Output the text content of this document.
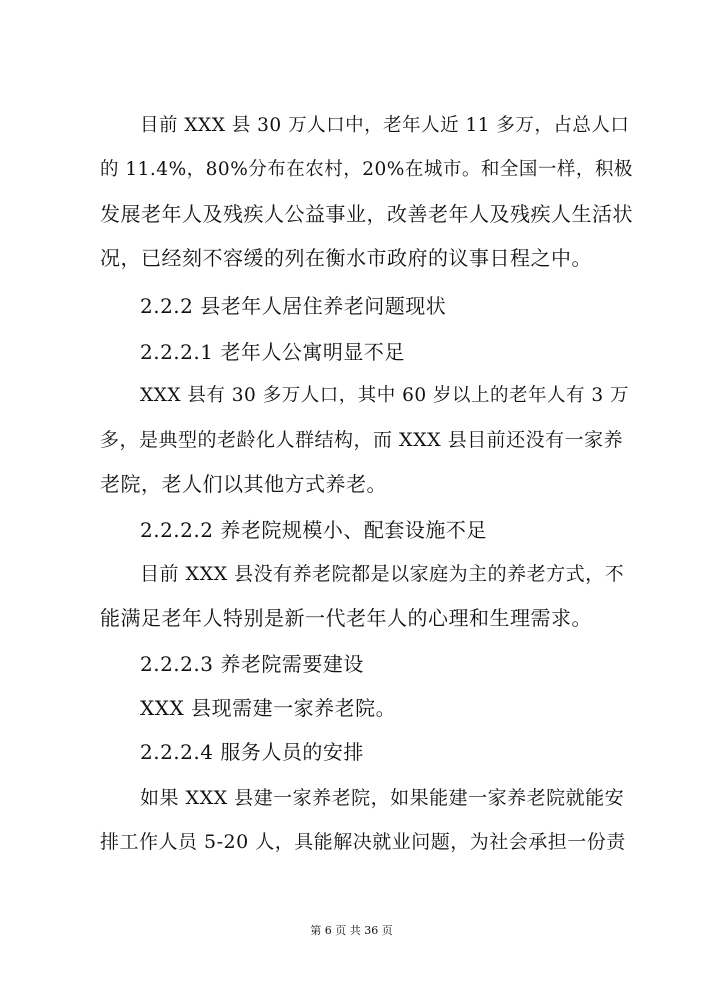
目前 XXX 县 30 万人口中，老年人近 11 多万，占总人口
的 11.4%，80%分布在农村，20%在城市。和全国一样，积极
发展老年人及残疾人公益事业，改善老年人及残疾人生活状
况，已经刻不容缓的列在衡水市政府的议事日程之中。
2.2.2 县老年人居住养老问题现状
2.2.2.1 老年人公寓明显不足
XXX 县有 30 多万人口，其中 60 岁以上的老年人有 3 万
多，是典型的老龄化人群结构，而 XXX 县目前还没有一家养
老院，老人们以其他方式养老。
2.2.2.2 养老院规模小、配套设施不足
目前 XXX 县没有养老院都是以家庭为主的养老方式，不
能满足老年人特别是新一代老年人的心理和生理需求。
2.2.2.3 养老院需要建设
XXX 县现需建一家养老院。
2.2.2.4 服务人员的安排
如果 XXX 县建一家养老院，如果能建一家养老院就能安
排工作人员 5-20 人，具能解决就业问题，为社会承担一份责
第 6 页 共 36 页
